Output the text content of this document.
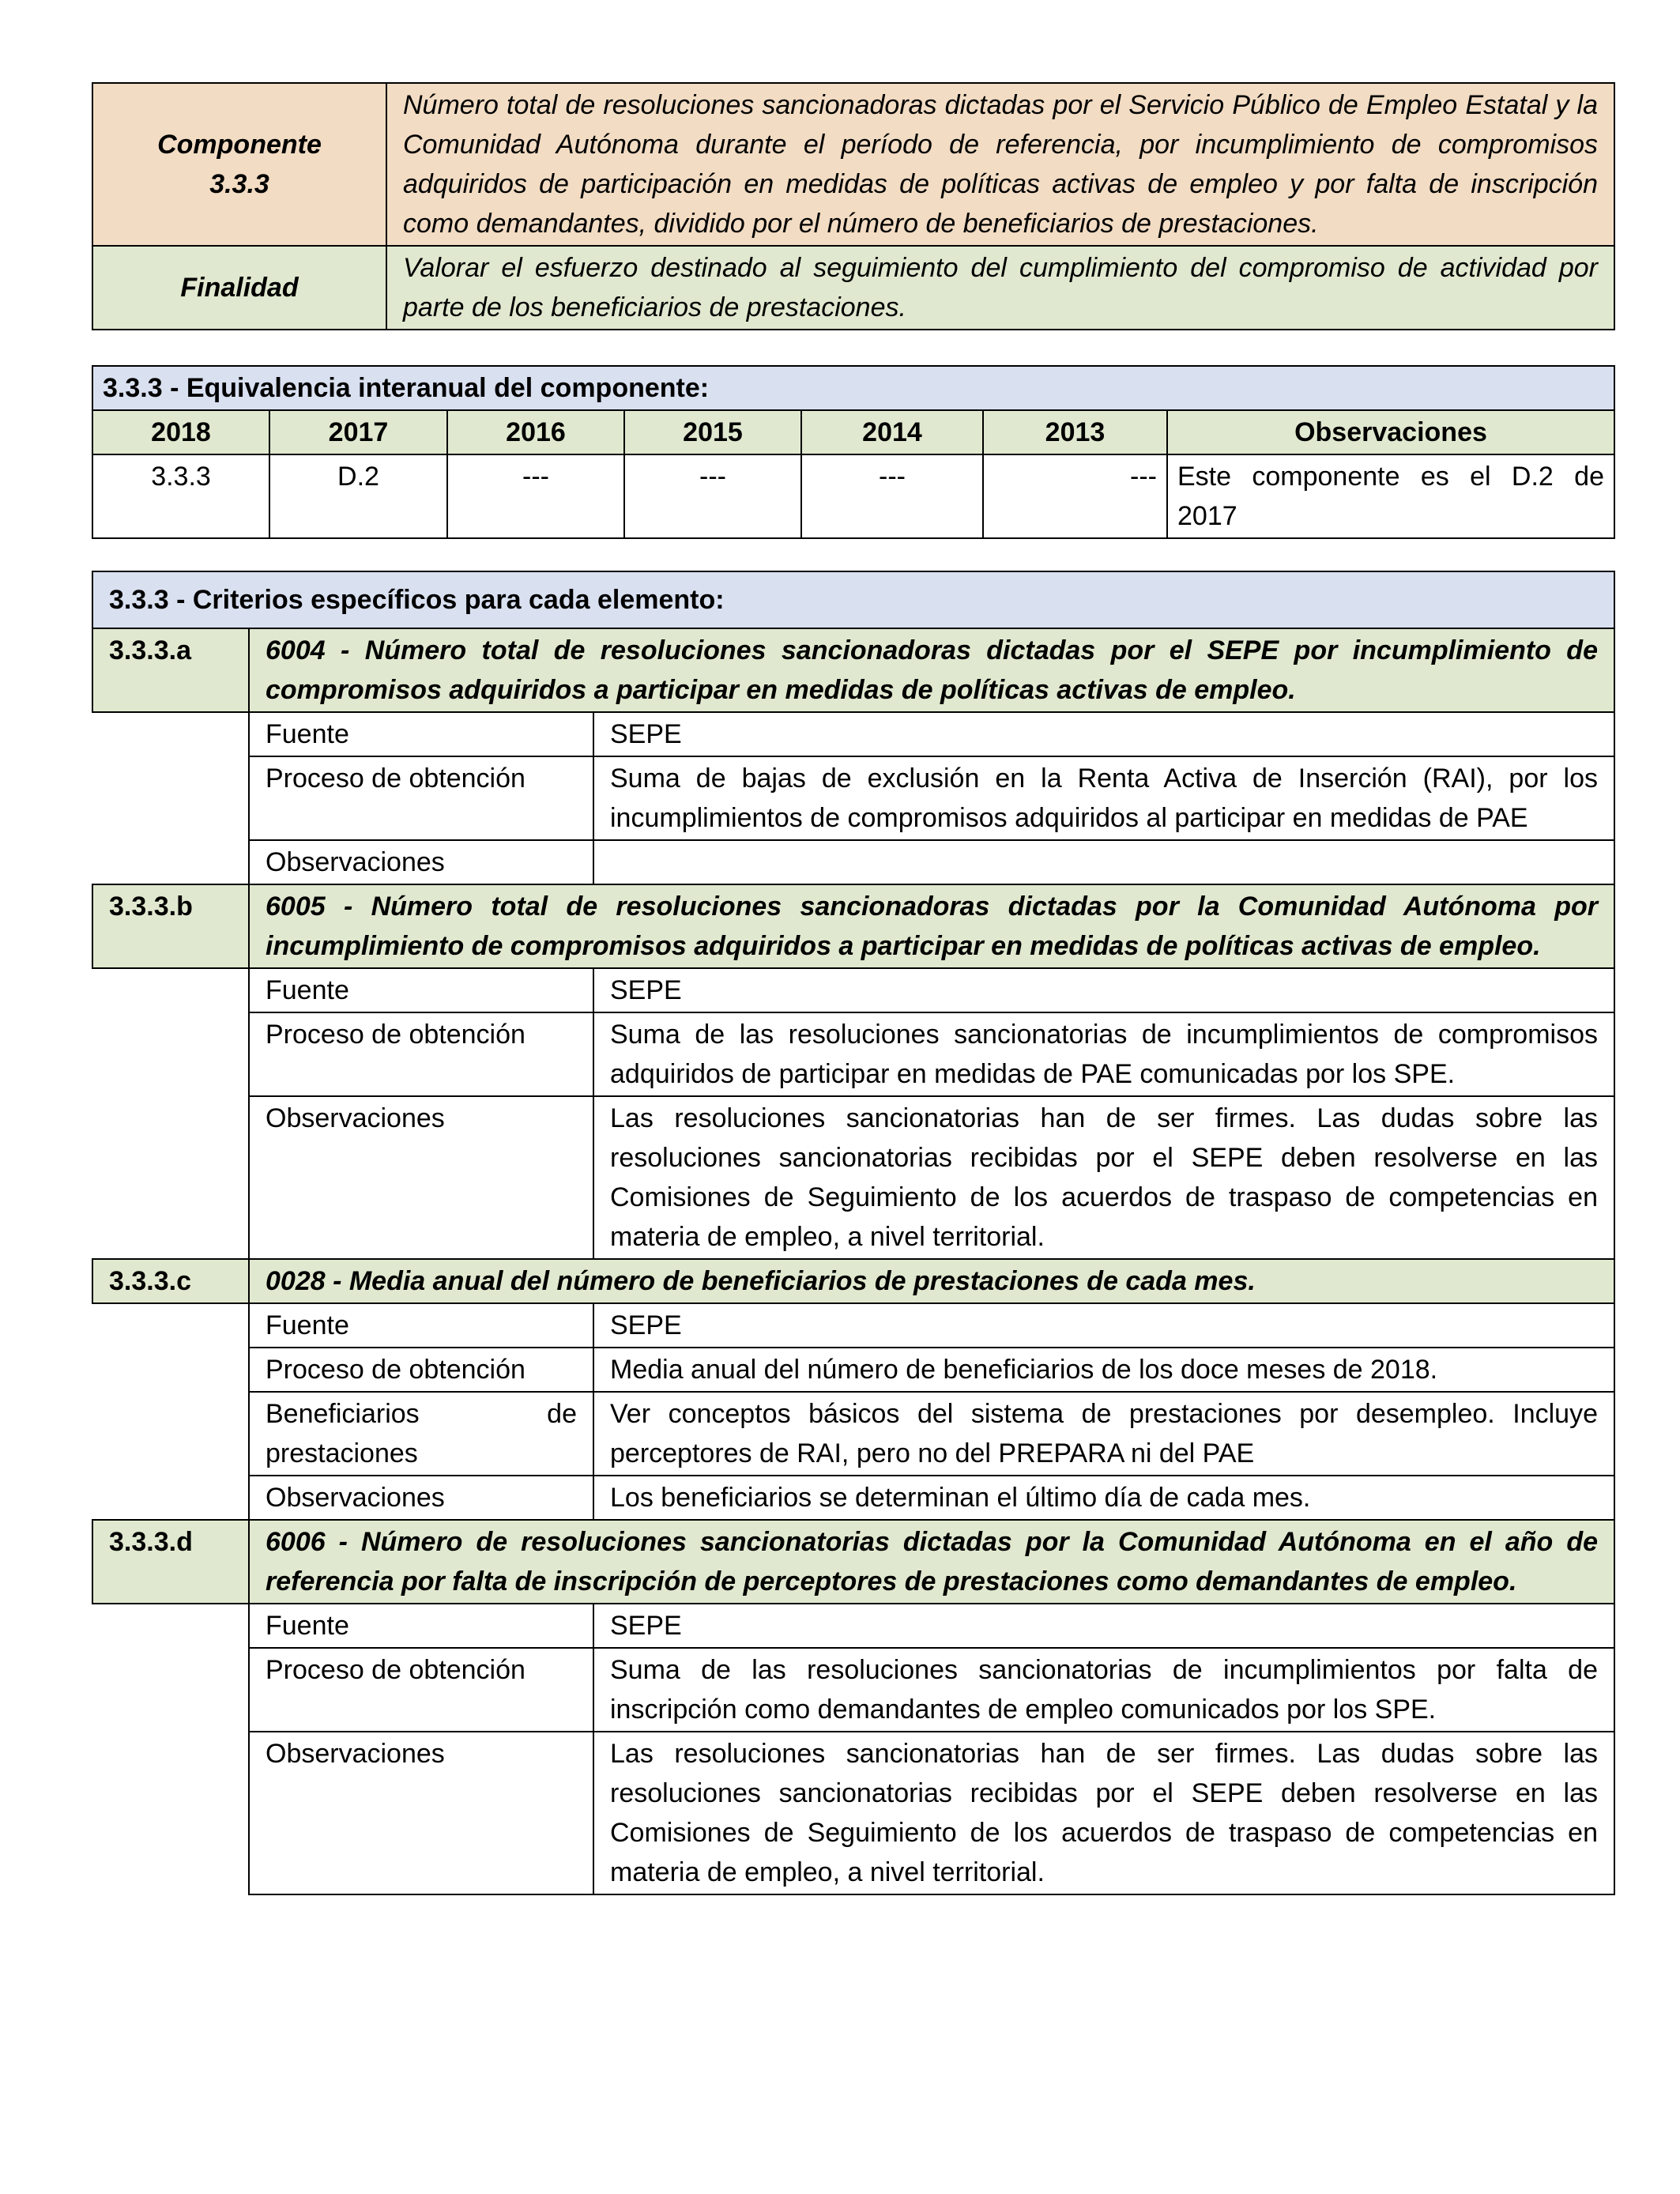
Componente
3.3.3	Número total de resoluciones sancionadoras dictadas por el Servicio Público de Empleo Estatal y la Comunidad Autónoma durante el período de referencia, por incumplimiento de compromisos adquiridos de participación en medidas de políticas activas de empleo y por falta de inscripción como demandantes, dividido por el número de beneficiarios de prestaciones.
Finalidad	Valorar el esfuerzo destinado al seguimiento del cumplimiento del compromiso de actividad por parte de los beneficiarios de prestaciones.
3.3.3 - Equivalencia interanual del componente:						
2018	2017	2016	2015	2014	2013	Observaciones
3.3.3	D.2	---	---	---	---	Este componente es el D.2 de 2017
3.3.3 - Criterios específicos para cada elemento:		
3.3.3.a	6004 - Número total de resoluciones sancionadoras dictadas por el SEPE por incumplimiento de compromisos adquiridos a participar en medidas de políticas activas de empleo.	
	Fuente	SEPE
	Proceso de obtención	Suma de bajas de exclusión en la Renta Activa de Inserción (RAI), por los incumplimientos de compromisos adquiridos al participar en medidas de PAE
	Observaciones	
3.3.3.b	6005 - Número total de resoluciones sancionadoras dictadas por la Comunidad Autónoma por incumplimiento de compromisos adquiridos a participar en medidas de políticas activas de empleo.	
	Fuente	SEPE
	Proceso de obtención	Suma de las resoluciones sancionatorias de incumplimientos de compromisos adquiridos de participar en medidas de PAE comunicadas por los SPE.
	Observaciones	Las resoluciones sancionatorias han de ser firmes. Las dudas sobre las resoluciones sancionatorias recibidas por el SEPE deben resolverse en las Comisiones de Seguimiento de los acuerdos de traspaso de competencias en materia de empleo, a nivel territorial.
3.3.3.c	0028 - Media anual del número de beneficiarios de prestaciones de cada mes.	
	Fuente	SEPE
	Proceso de obtención	Media anual del número de beneficiarios de los doce meses de 2018.
	Beneficiarios de prestaciones	Ver conceptos básicos del sistema de prestaciones por desempleo. Incluye perceptores de RAI, pero no del PREPARA ni del PAE
	Observaciones	Los beneficiarios se determinan el último día de cada mes.
3.3.3.d	6006 - Número de resoluciones sancionatorias dictadas por la Comunidad Autónoma en el año de referencia por falta de inscripción de perceptores de prestaciones como demandantes de empleo.	
	Fuente	SEPE
	Proceso de obtención	Suma de las resoluciones sancionatorias de incumplimientos por falta de inscripción como demandantes de empleo comunicados por los SPE.
	Observaciones	Las resoluciones sancionatorias han de ser firmes. Las dudas sobre las resoluciones sancionatorias recibidas por el SEPE deben resolverse en las Comisiones de Seguimiento de los acuerdos de traspaso de competencias en materia de empleo, a nivel territorial.
